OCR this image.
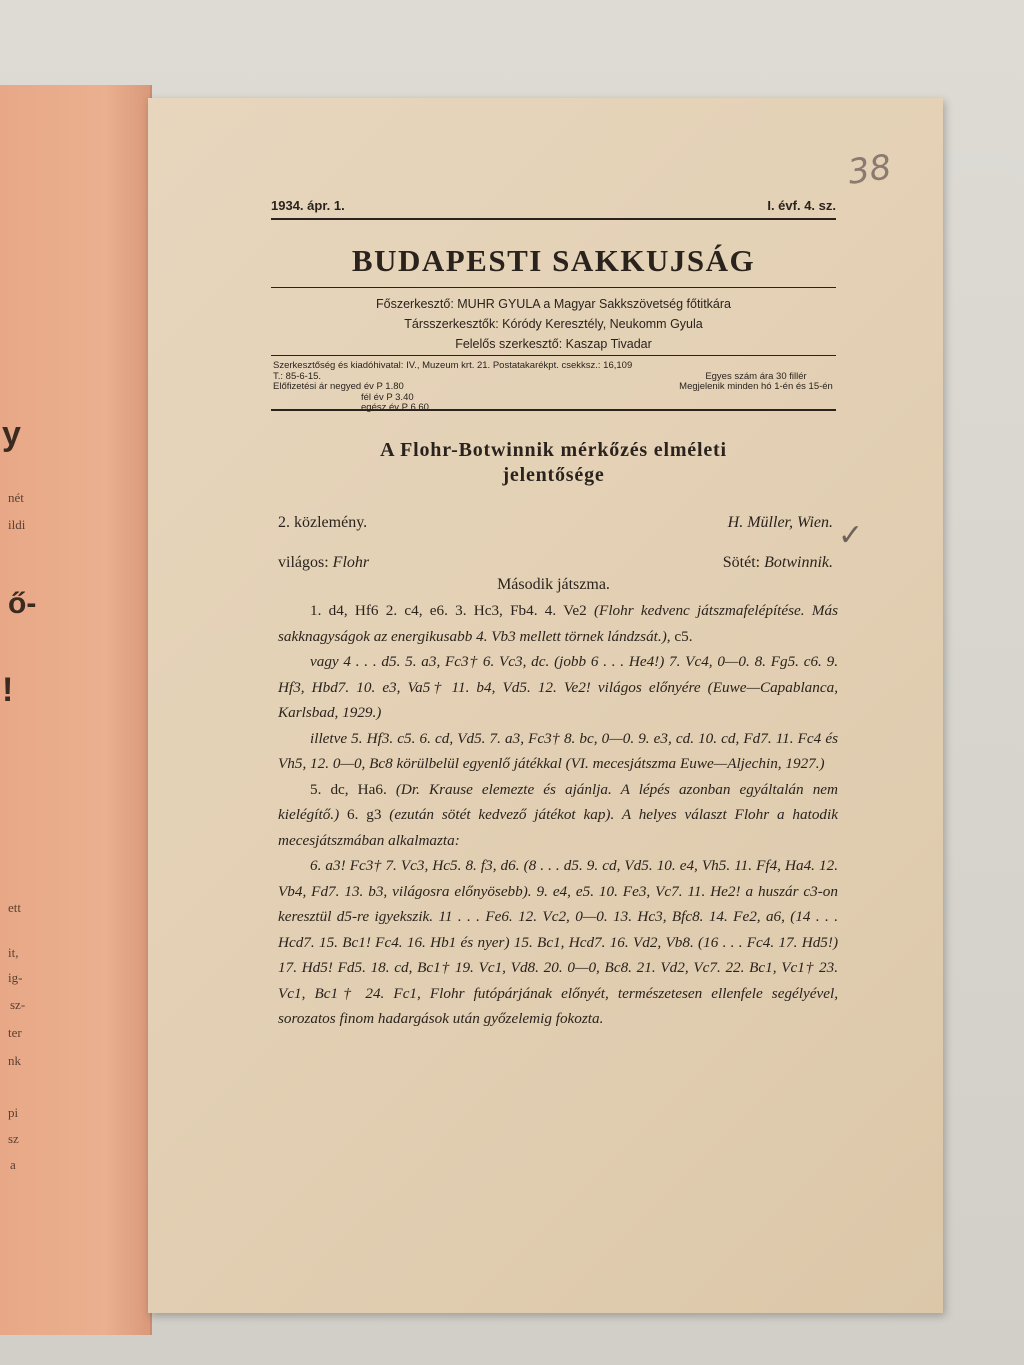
y
nét
ildi
ő-
!
ett
it,
ig-
sz-
ter
nk
pi
sz
a
38
✓
1934. ápr. 1.	I. évf. 4. sz.
BUDAPESTI SAKKUJSÁG
Főszerkesztő: MUHR GYULA a Magyar Sakkszövetség főtitkára
Társszerkesztők: Kóródy Keresztély, Neukomm Gyula
Felelős szerkesztő: Kaszap Tivadar
Szerkesztőség és kiadóhivatal: IV., Muzeum krt. 21. Postatakarékpt. csekksz.: 16,109 T.: 85-6-15.
Előfizetési ár negyed év P 1.80
fél év P 3.40
egész év P 6.60
Egyes szám ára 30 fillér
Megjelenik minden hó 1-én és 15-én
A Flohr-Botwinnik mérkőzés elméleti
jelentősége
2. közlemény.	H. Müller, Wien.
világos: Flohr	Sötét: Botwinnik.
Második játszma.

1. d4, Hf6 2. c4, e6. 3. Hc3, Fb4. 4. Ve2 (Flohr kedvenc játszmafelépítése. Más sakknagyságok az energikusabb 4. Vb3 mellett törnek lándzsát.), c5.

vagy 4 . . . d5. 5. a3, Fc3† 6. Vc3, dc. (jobb 6 . . . He4!) 7. Vc4, 0—0. 8. Fg5. c6. 9. Hf3, Hbd7. 10. e3, Va5† 11. b4, Vd5. 12. Ve2! világos előnyére (Euwe—Capablanca, Karlsbad, 1929.)

illetve 5. Hf3. c5. 6. cd, Vd5. 7. a3, Fc3† 8. bc, 0—0. 9. e3, cd. 10. cd, Fd7. 11. Fc4 és Vh5, 12. 0—0, Bc8 körülbelül egyenlő játékkal (VI. mecesjátszma Euwe—Aljechin, 1927.)

5. dc, Ha6. (Dr. Krause elemezte és ajánlja. A lépés azonban egyáltalán nem kielégítő.) 6. g3 (ezután sötét kedvező játékot kap). A helyes választ Flohr a hatodik mecesjátszmában alkalmazta:

6. a3! Fc3† 7. Vc3, Hc5. 8. f3, d6. (8 . . . d5. 9. cd, Vd5. 10. e4, Vh5. 11. Ff4, Ha4. 12. Vb4, Fd7. 13. b3, világosra előnyösebb). 9. e4, e5. 10. Fe3, Vc7. 11. He2! a huszár c3-on keresztül d5-re igyekszik. 11 . . . Fe6. 12. Vc2, 0—0. 13. Hc3, Bfc8. 14. Fe2, a6, (14 . . . Hcd7. 15. Bc1! Fc4. 16. Hb1 és nyer) 15. Bc1, Hcd7. 16. Vd2, Vb8. (16 . . . Fc4. 17. Hd5!) 17. Hd5! Fd5. 18. cd, Bc1† 19. Vc1, Vd8. 20. 0—0, Bc8. 21. Vd2, Vc7. 22. Bc1, Vc1† 23. Vc1, Bc1† 24. Fc1, Flohr futópárjának előnyét, természetesen ellenfele segélyével, sorozatos finom hadargások után győzelemig fokozta.
